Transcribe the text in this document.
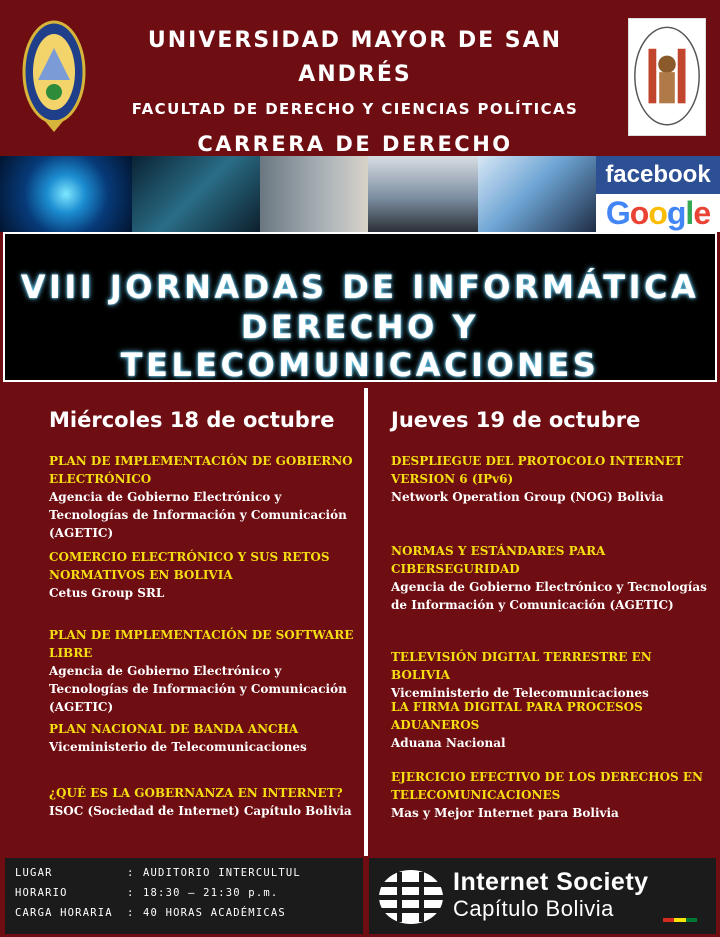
UNIVERSIDAD MAYOR DE SAN ANDRÉS
FACULTAD DE DERECHO Y CIENCIAS POLÍTICAS
CARRERA DE DERECHO
facebook
Google
VIII JORNADAS DE INFORMÁTICA
DERECHO Y TELECOMUNICACIONES
Miércoles 18 de octubre
PLAN DE IMPLEMENTACIÓN DE GOBIERNO ELECTRÓNICO
Agencia de Gobierno Electrónico y Tecnologías de Información y Comunicación (AGETIC)
COMERCIO ELECTRÓNICO Y SUS RETOS NORMATIVOS EN BOLIVIA
Cetus Group SRL
PLAN DE IMPLEMENTACIÓN DE SOFTWARE LIBRE
Agencia de Gobierno Electrónico y Tecnologías de Información y Comunicación (AGETIC)
PLAN NACIONAL DE BANDA ANCHA
Viceministerio de Telecomunicaciones
¿QUÉ ES LA GOBERNANZA EN INTERNET?
ISOC (Sociedad de Internet) Capítulo Bolivia
Jueves 19 de octubre
DESPLIEGUE DEL PROTOCOLO INTERNET VERSION 6 (IPv6)
Network Operation Group (NOG) Bolivia
NORMAS Y ESTÁNDARES PARA CIBERSEGURIDAD
Agencia de Gobierno Electrónico y Tecnologías de Información y Comunicación (AGETIC)
TELEVISIÓN DIGITAL TERRESTRE EN BOLIVIA
Viceministerio de Telecomunicaciones
LA FIRMA DIGITAL PARA PROCESOS ADUANEROS
Aduana Nacional
EJERCICIO EFECTIVO DE LOS DERECHOS EN TELECOMUNICACIONES
Mas y Mejor Internet para Bolivia
LUGAR	: AUDITORIO INTERCULTUL
HORARIO	: 18:30 — 21:30 p.m.
CARGA HORARIA : 40 HORAS ACADÉMICAS
Internet Society
Capítulo Bolivia
